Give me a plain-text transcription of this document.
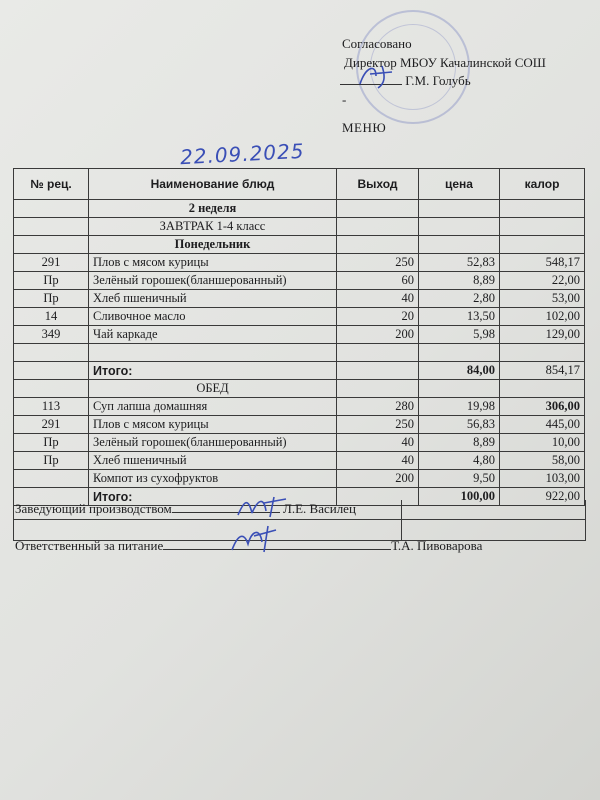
Согласовано
Директор МБОУ Качалинской СОШ
Г.М. Голубь
-
МЕНЮ
22.09.2025
№ рец.	Наименование блюд	Выход	цена	калор
	2 неделя			
	ЗАВТРАК 1-4 класс			
	Понедельник			
291	Плов с мясом курицы	250	52,83	548,17
Пр	Зелёный горошек(бланшерованный)	60	8,89	22,00
Пр	Хлеб пшеничный	40	2,80	53,00
14	Сливочное масло	20	13,50	102,00
349	Чай каркаде	200	5,98	129,00

	Итого:		84,00	854,17
	ОБЕД			
113	Суп лапша домашняя	280	19,98	306,00
291	Плов с мясом курицы	250	56,83	445,00
Пр	Зелёный горошек(бланшерованный)	40	8,89	10,00
Пр	Хлеб пшеничный	40	4,80	58,00
	Компот из сухофруктов	200	9,50	103,00
	Итого:		100,00	922,00
Заведующий производством	Л.Е. Василец
Ответственный за питание	Т.А. Пивоварова
